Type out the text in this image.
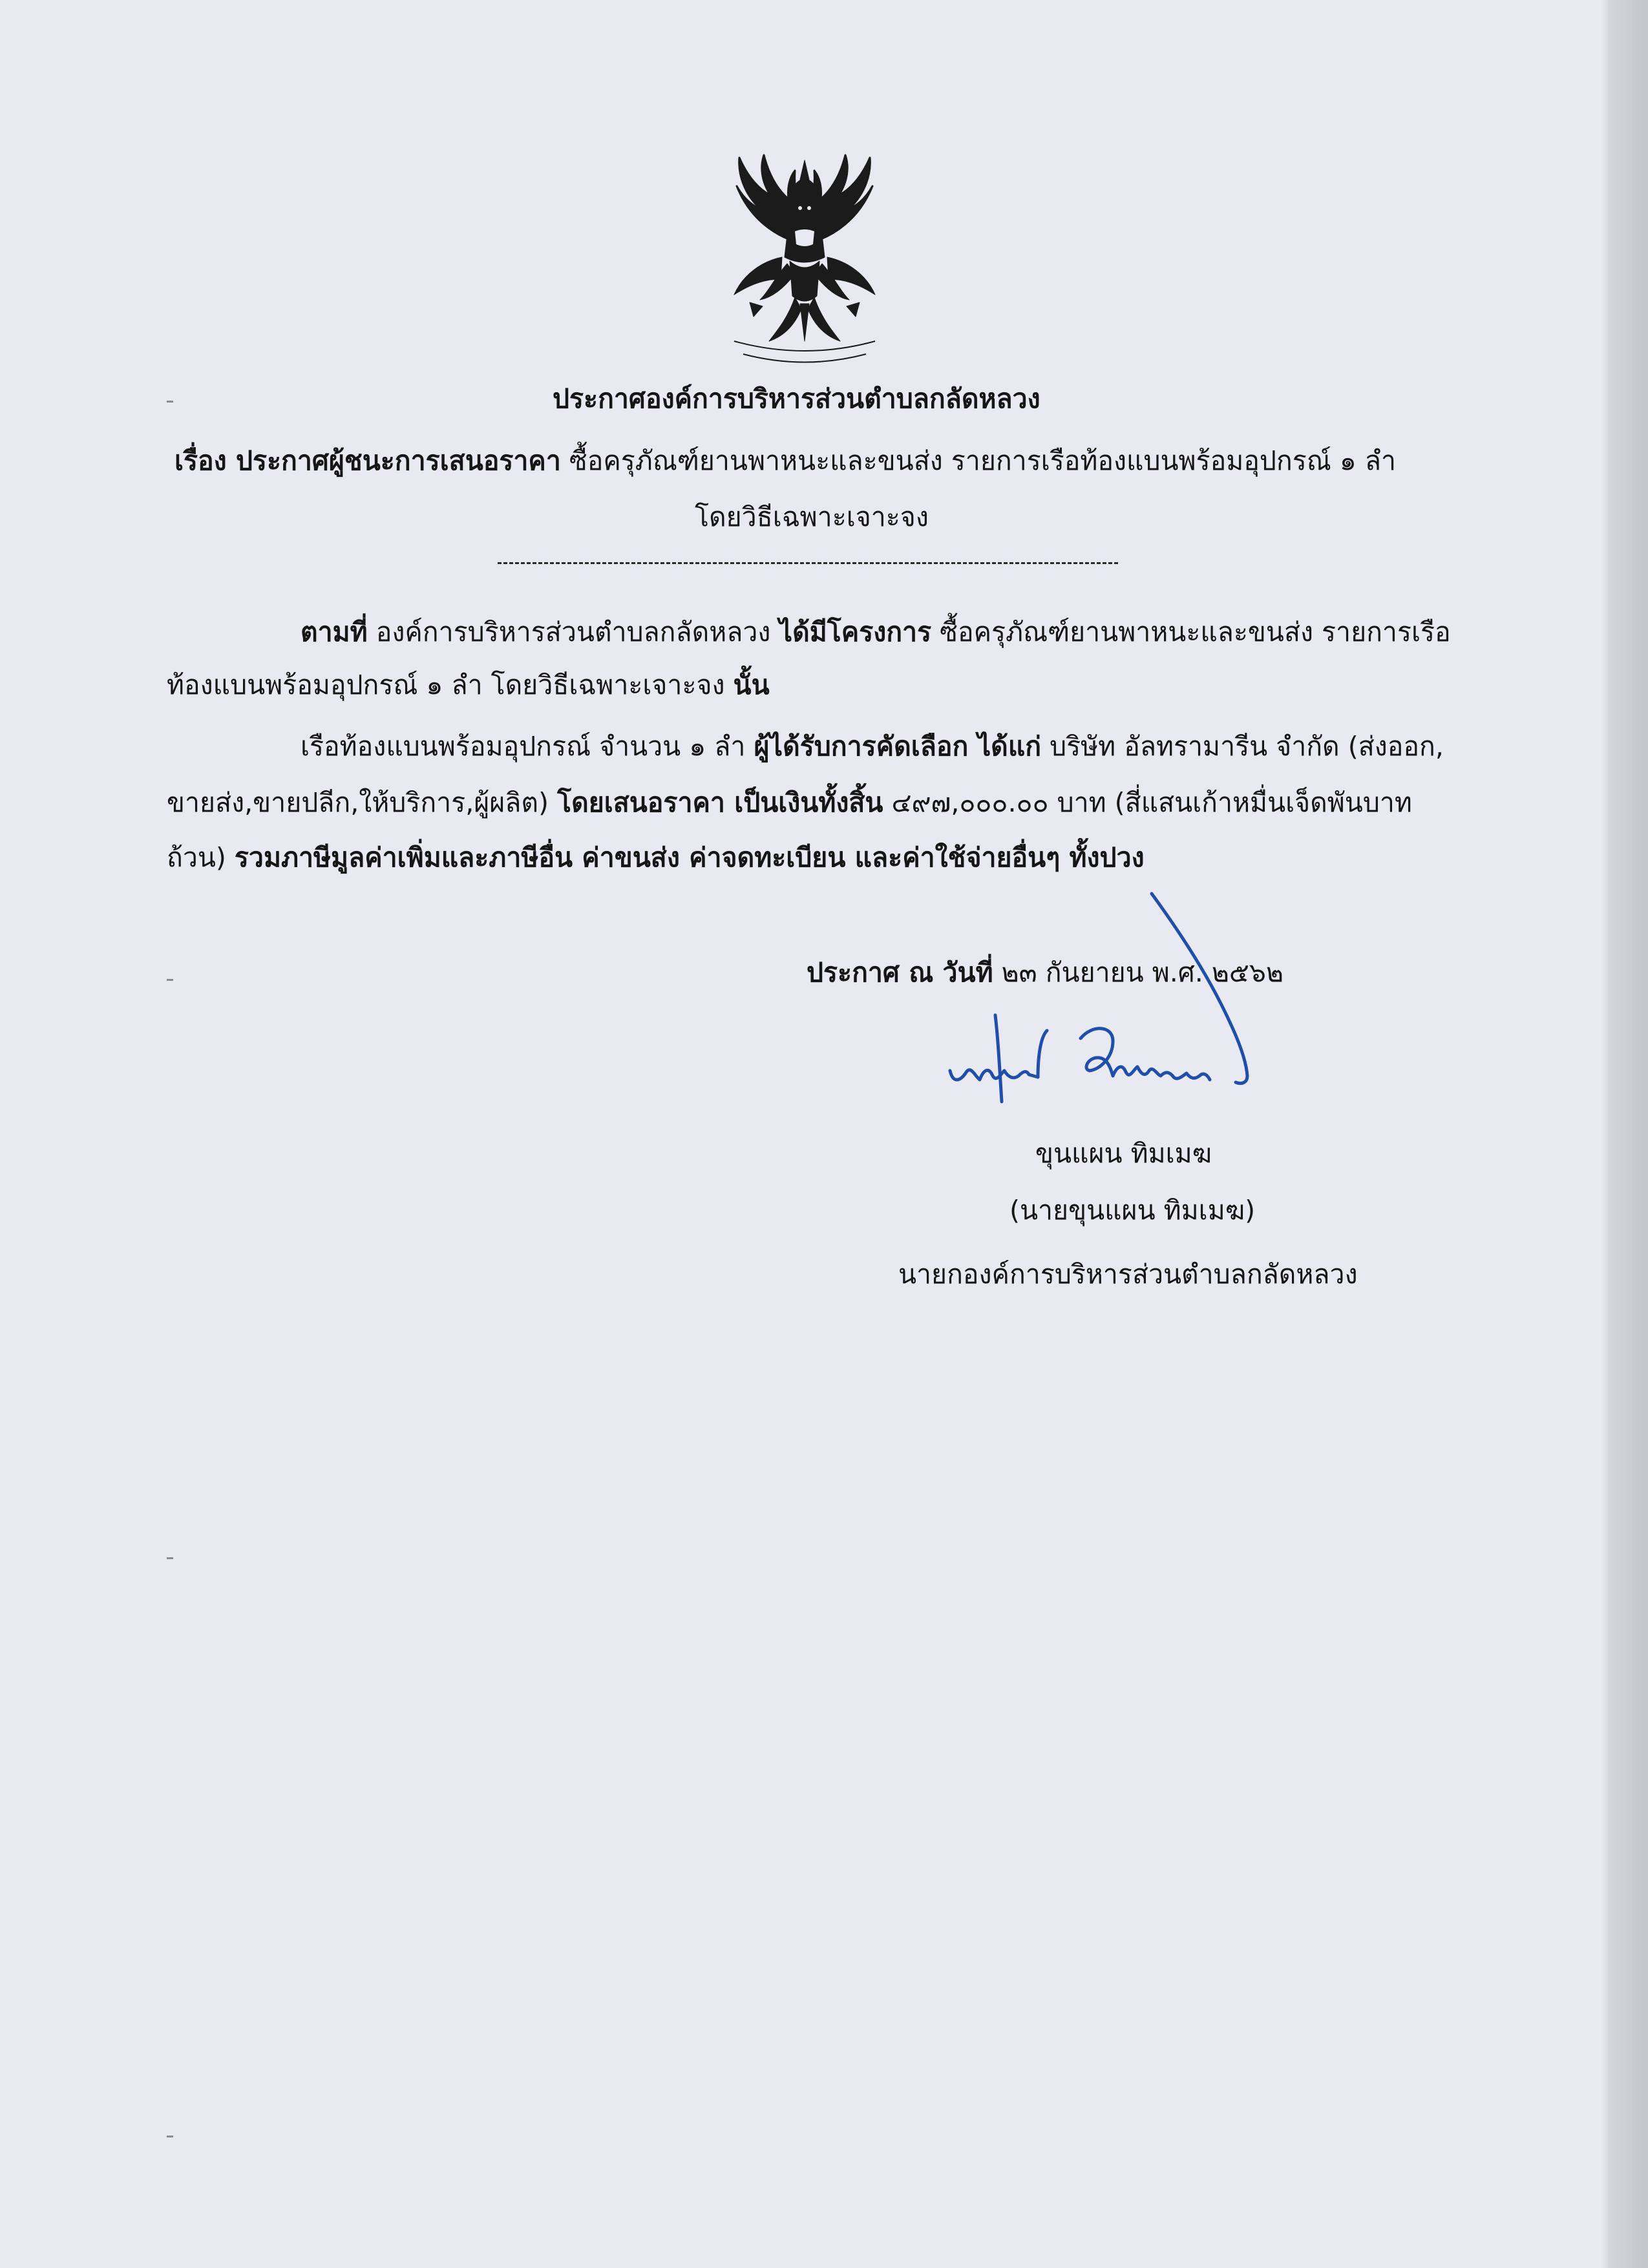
ประกาศองค์การบริหารส่วนตำบลกลัดหลวง
เรื่อง ประกาศผู้ชนะการเสนอราคา ซื้อครุภัณฑ์ยานพาหนะและขนส่ง รายการเรือท้องแบนพร้อมอุปกรณ์ ๑ ลำ
โดยวิธีเฉพาะเจาะจง
ตามที่ องค์การบริหารส่วนตำบลกลัดหลวง ได้มีโครงการ ซื้อครุภัณฑ์ยานพาหนะและขนส่ง รายการเรือ
ท้องแบนพร้อมอุปกรณ์ ๑ ลำ โดยวิธีเฉพาะเจาะจง นั้น
เรือท้องแบนพร้อมอุปกรณ์ จำนวน ๑ ลำ ผู้ได้รับการคัดเลือก ได้แก่ บริษัท อัลทรามารีน จำกัด (ส่งออก,
ขายส่ง,ขายปลีก,ให้บริการ,ผู้ผลิต) โดยเสนอราคา เป็นเงินทั้งสิ้น ๔๙๗,๐๐๐.๐๐ บาท (สี่แสนเก้าหมื่นเจ็ดพันบาท
ถ้วน) รวมภาษีมูลค่าเพิ่มและภาษีอื่น ค่าขนส่ง ค่าจดทะเบียน และค่าใช้จ่ายอื่นๆ ทั้งปวง
ประกาศ ณ วันที่ ๒๓ กันยายน พ.ศ. ๒๕๖๒
ขุนแผน ทิมเมฆ
(นายขุนแผน ทิมเมฆ)
นายกองค์การบริหารส่วนตำบลกลัดหลวง
